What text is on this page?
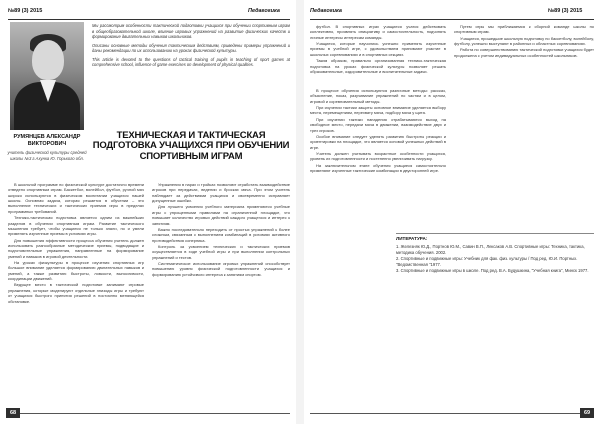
№89 (3) 2015	Педагогика
РУМЯНЦЕВ АЛЕКСАНДР ВИКТОРОВИЧ
учитель физической культуры средней школы №3 г.Ахунка Ю. Горького обл.

Мы рассмотрим особенности тактической подготовки учащихся при обучении спортивным играм в общеобразовательной школе, влияние игровых упражнений на развитие физических качеств и формирование двигательных навыков школьников.

Описаны основные методы обучения тактическим действиям, приведены примеры упражнений и даны рекомендации по их использованию на уроках физической культуры.

This article is devoted to the questions of tactical training of pupils in teaching of sport games at comprehensive school, influence of game exercises on development of physical qualities.

ТЕХНИЧЕСКАЯ И ТАКТИЧЕСКАЯ ПОДГОТОВКА УЧАЩИХСЯ ПРИ ОБУЧЕНИИ СПОРТИВНЫМ ИГРАМ

В школьной программе по физической культуре достаточно времени отведено спортивным играм. Баскетбол, волейбол, футбол, ручной мяч широко используются в физическом воспитании учащихся нашей школы. Основная задача, которая решается в обучении – это выполнение технических и тактических приемов игры в пределах программных требований.

Технико-тактическая подготовка является одним из важнейших разделов в обучении спортивным играм. Развитие тактического мышления требует, чтобы учащиеся не только знали, но и умели применять изученные приемы в условиях игры.

Для повышения эффективности процесса обучения учитель должен использовать разнообразные методические приемы, подводящие и подготовительные упражнения, направленные на формирование умений и навыков в игровой деятельности.

На уроках физкультуры в процессе изучения спортивных игр большое внимание уделяется формированию двигательных навыков и умений, а также развитию быстроты, ловкости, выносливости, координации движений.

Ведущее место в тактической подготовке занимают игровые упражнения, которые моделируют отдельные эпизоды игры и требуют от учащихся быстрого принятия решений в постоянно меняющейся обстановке.

Упражнения в парах и тройках позволяют отработать взаимодействие игроков при передачах, ведении и бросках мяча. При этом учитель наблюдает за действиями учащихся и своевременно исправляет допущенные ошибки.

Для лучшего усвоения учебного материала применяются учебные игры с упрощенными правилами на ограниченной площадке, что повышает количество игровых действий каждого учащегося и интерес к занятиям.

Важно последовательно переходить от простых упражнений к более сложным, связанным с выполнением комбинаций в условиях активного противодействия соперника.

Контроль за усвоением технических и тактических приемов осуществляется в ходе учебной игры и при выполнении контрольных упражнений и тестов.

Систематическое использование игровых упражнений способствует повышению уровня физической подготовленности учащихся и формированию устойчивого интереса к занятиям спортом.

68
Педагогика	№89 (3) 2015

футбол. В спортивных играх учащиеся учатся действовать коллективно, проявлять инициативу и самостоятельность, подчинять личные интересы интересам команды.

Учащиеся, которые научились успешно применять изученные приемы в учебной игре, с удовольствием принимают участие в школьных соревнованиях и в спортивных секциях.

Таким образом, правильно организованная технико-тактическая подготовка на уроках физической культуры позволяет решать образовательные, оздоровительные и воспитательные задачи.

Путем игры мы приближаемся к сборной команде школы по спортивным играм.

Учащиеся, прошедшие школьную подготовку по баскетболу, волейболу, футболу, успешно выступают в районных и областных соревнованиях.

Работа по совершенствованию тактической подготовки учащихся будет продолжена с учетом индивидуальных особенностей школьников.

В процессе обучения используются различные методы: рассказ, объяснение, показ, разучивание упражнений по частям и в целом, игровой и соревновательный методы.

При изучении тактики защиты основное внимание уделяется выбору места, перемещениям, перехвату мяча, подбору мяча у щита.

При изучении тактики нападения отрабатываются выход на свободное место, передачи мяча в движении, взаимодействие двух и трех игроков.

Особое внимание следует уделять развитию быстроты реакции и ориентировки на площадке, что является основой успешных действий в игре.

Учитель должен учитывать возрастные особенности учащихся, уровень их подготовленности и постепенно увеличивать нагрузку.

На заключительном этапе обучения учащиеся самостоятельно применяют изученные тактические комбинации в двусторонней игре.

ЛИТЕРАТУРА:
1. Железняк Ю.Д., Портнов Ю.М., Савин В.П., Лексаков А.В. Спортивные игры: Техника, тактика, методика обучения. 2002.
2. Спортивные и подвижные игры: Учебник для фак. физ. культуры / Под ред. Ю.И. Портных. "Ведомственная "1977.
3. Спортивные и подвижные игры в школе. Под ред. В.А. Будушкина, "Учебная книга", Минск 1977.
69
